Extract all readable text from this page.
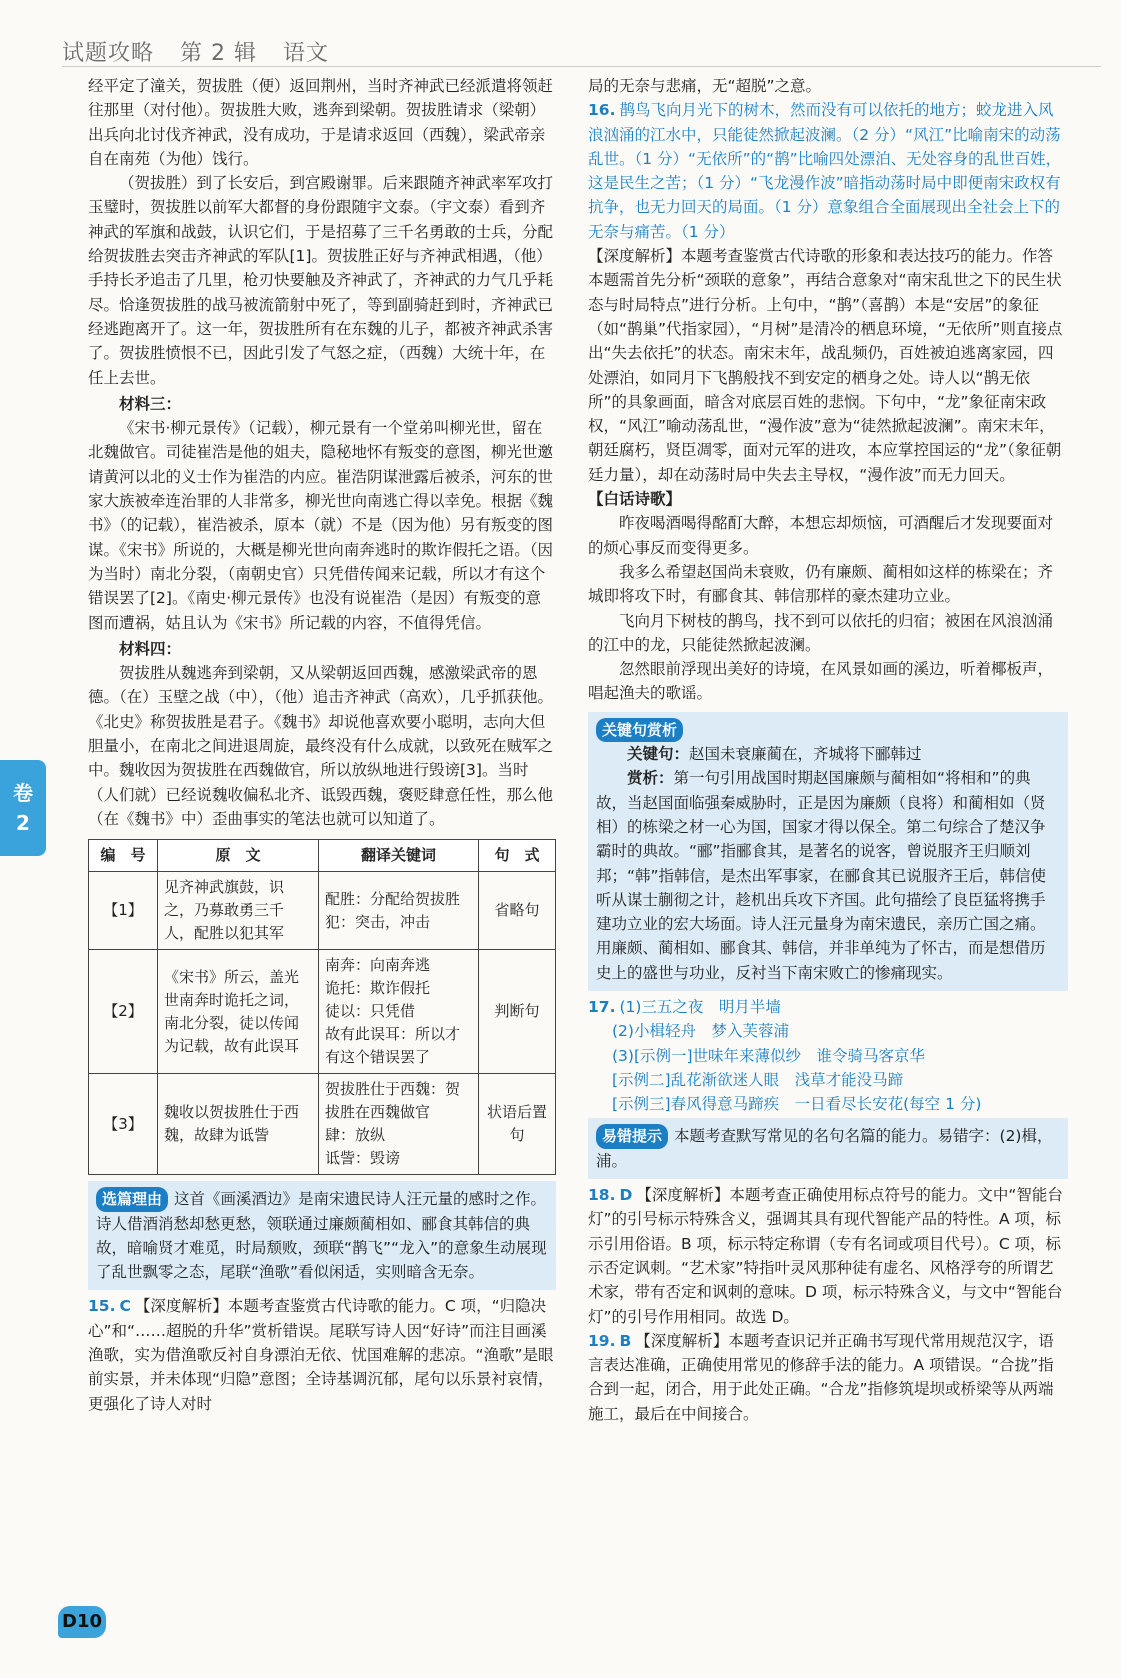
试题攻略 第 2 辑 语文
卷
2

经平定了潼关，贺拔胜（便）返回荆州，当时齐神武已经派遣将领赶往那里（对付他）。贺拔胜大败，逃奔到梁朝。贺拔胜请求（梁朝）出兵向北讨伐齐神武，没有成功，于是请求返回（西魏），梁武帝亲自在南苑（为他）饯行。

（贺拔胜）到了长安后，到宫殿谢罪。后来跟随齐神武率军攻打玉璧时，贺拔胜以前军大都督的身份跟随宇文泰。（宇文泰）看到齐神武的军旗和战鼓，认识它们，于是招募了三千名勇敢的士兵，分配给贺拔胜去突击齐神武的军队[1]。贺拔胜正好与齐神武相遇，（他）手持长矛追击了几里，枪刃快要触及齐神武了，齐神武的力气几乎耗尽。恰逢贺拔胜的战马被流箭射中死了，等到副骑赶到时，齐神武已经逃跑离开了。这一年，贺拔胜所有在东魏的儿子，都被齐神武杀害了。贺拔胜愤恨不已，因此引发了气怒之症，（西魏）大统十年，在任上去世。

材料三：

《宋书·柳元景传》（记载），柳元景有一个堂弟叫柳光世，留在北魏做官。司徒崔浩是他的姐夫，隐秘地怀有叛变的意图，柳光世邀请黄河以北的义士作为崔浩的内应。崔浩阴谋泄露后被杀，河东的世家大族被牵连治罪的人非常多，柳光世向南逃亡得以幸免。根据《魏书》（的记载），崔浩被杀，原本（就）不是（因为他）另有叛变的图谋。《宋书》所说的，大概是柳光世向南奔逃时的欺诈假托之语。（因为当时）南北分裂，（南朝史官）只凭借传闻来记载，所以才有这个错误罢了[2]。《南史·柳元景传》也没有说崔浩（是因）有叛变的意图而遭祸，姑且认为《宋书》所记载的内容，不值得凭信。

材料四：

贺拔胜从魏逃奔到梁朝，又从梁朝返回西魏，感激梁武帝的恩德。（在）玉壁之战（中），（他）追击齐神武（高欢），几乎抓获他。《北史》称贺拔胜是君子。《魏书》却说他喜欢要小聪明，志向大但胆量小，在南北之间进退周旋，最终没有什么成就，以致死在贼军之中。魏收因为贺拔胜在西魏做官，所以放纵地进行毁谤[3]。当时（人们就）已经说魏收偏私北齐、诋毁西魏，褒贬肆意任性，那么他（在《魏书》中）歪曲事实的笔法也就可以知道了。

编　号	原　文	翻译关键词	句　式
【1】	见齐神武旗鼓，识之，乃募敢勇三千人，配胜以犯其军	配胜：分配给贺拔胜
犯：突击，冲击	省略句
【2】	《宋书》所云，盖光世南奔时诡托之词，南北分裂，徒以传闻为记载，故有此误耳	南奔：向南奔逃
诡托：欺诈假托
徒以：只凭借
故有此误耳：所以才有这个错误罢了	判断句
【3】	魏收以贺拔胜仕于西魏，故肆为诋訾	贺拔胜仕于西魏：贺拔胜在西魏做官
肆：放纵
诋訾：毁谤	状语后置句
选篇理由 这首《画溪酒边》是南宋遗民诗人汪元量的感时之作。诗人借酒消愁却愁更愁，领联通过廉颇蔺相如、郦食其韩信的典故，暗喻贤才难觅，时局颓败，颈联“鹊飞”“龙入”的意象生动展现了乱世飘零之态，尾联“渔歌”看似闲适，实则暗含无奈。

15. C 【深度解析】本题考查鉴赏古代诗歌的能力。C 项，“归隐决心”和“……超脱的升华”赏析错误。尾联写诗人因“好诗”而注目画溪渔歌，实为借渔歌反衬自身漂泊无依、忧国难解的悲凉。“渔歌”是眼前实景，并未体现“归隐”意图；全诗基调沉郁，尾句以乐景衬哀情，更强化了诗人对时

局的无奈与悲痛，无“超脱”之意。

16. 鹊鸟飞向月光下的树木，然而没有可以依托的地方；蛟龙进入风浪汹涌的江水中，只能徒然掀起波澜。（2 分）“风江”比喻南宋的动荡乱世。（1 分）“无依所”的“鹊”比喻四处漂泊、无处容身的乱世百姓，这是民生之苦；（1 分）“飞龙漫作波”暗指动荡时局中即便南宋政权有抗争，也无力回天的局面。（1 分）意象组合全面展现出全社会上下的无奈与痛苦。（1 分）

【深度解析】本题考查鉴赏古代诗歌的形象和表达技巧的能力。作答本题需首先分析“颈联的意象”，再结合意象对“南宋乱世之下的民生状态与时局特点”进行分析。上句中，“鹊”（喜鹊）本是“安居”的象征（如“鹊巢”代指家园），“月树”是清冷的栖息环境，“无依所”则直接点出“失去依托”的状态。南宋末年，战乱频仍，百姓被迫逃离家园，四处漂泊，如同月下飞鹊般找不到安定的栖身之处。诗人以“鹊无依所”的具象画面，暗含对底层百姓的悲悯。下句中，“龙”象征南宋政权，“风江”喻动荡乱世，“漫作波”意为“徒然掀起波澜”。南宋末年，朝廷腐朽，贤臣凋零，面对元军的进攻，本应掌控国运的“龙”（象征朝廷力量），却在动荡时局中失去主导权，“漫作波”而无力回天。

【白话诗歌】

昨夜喝酒喝得酩酊大醉，本想忘却烦恼，可酒醒后才发现要面对的烦心事反而变得更多。

我多么希望赵国尚未衰败，仍有廉颇、蔺相如这样的栋梁在；齐城即将攻下时，有郦食其、韩信那样的豪杰建功立业。

飞向月下树枝的鹊鸟，找不到可以依托的归宿；被困在风浪汹涌的江中的龙，只能徒然掀起波澜。

忽然眼前浮现出美好的诗境，在风景如画的溪边，听着椰板声，唱起渔夫的歌谣。

关键句赏析

关键句：赵国未衰廉蔺在，齐城将下郦韩过

赏析：第一句引用战国时期赵国廉颇与蔺相如“将相和”的典故，当赵国面临强秦威胁时，正是因为廉颇（良将）和蔺相如（贤相）的栋梁之材一心为国，国家才得以保全。第二句综合了楚汉争霸时的典故。“郦”指郦食其，是著名的说客，曾说服齐王归顺刘邦；“韩”指韩信，是杰出军事家，在郦食其已说服齐王后，韩信使听从谋士蒯彻之计，趁机出兵攻下齐国。此句描绘了良臣猛将携手建功立业的宏大场面。诗人汪元量身为南宋遗民，亲历亡国之痛。用廉颇、蔺相如、郦食其、韩信，并非单纯为了怀古，而是想借历史上的盛世与功业，反衬当下南宋败亡的惨痛现实。

17. (1)三五之夜　明月半墙
(2)小楫轻舟　梦入芙蓉浦
(3)[示例一]世味年来薄似纱　谁令骑马客京华
[示例二]乱花渐欲迷人眼　浅草才能没马蹄
[示例三]春风得意马蹄疾　一日看尽长安花(每空 1 分)
易错提示 本题考查默写常见的名句名篇的能力。易错字：(2)楫，浦。

18. D 【深度解析】本题考查正确使用标点符号的能力。文中“智能台灯”的引号标示特殊含义，强调其具有现代智能产品的特性。A 项，标示引用俗语。B 项，标示特定称谓（专有名词或项目代号）。C 项，标示否定讽刺。“艺术家”特指叶灵风那种徒有虚名、风格浮夸的所谓艺术家，带有否定和讽刺的意味。D 项，标示特殊含义，与文中“智能台灯”的引号作用相同。故选 D。

19. B 【深度解析】本题考查识记并正确书写现代常用规范汉字，语言表达准确，正确使用常见的修辞手法的能力。A 项错误。“合拢”指合到一起，闭合，用于此处正确。“合龙”指修筑堤坝或桥梁等从两端施工，最后在中间接合。

D10
